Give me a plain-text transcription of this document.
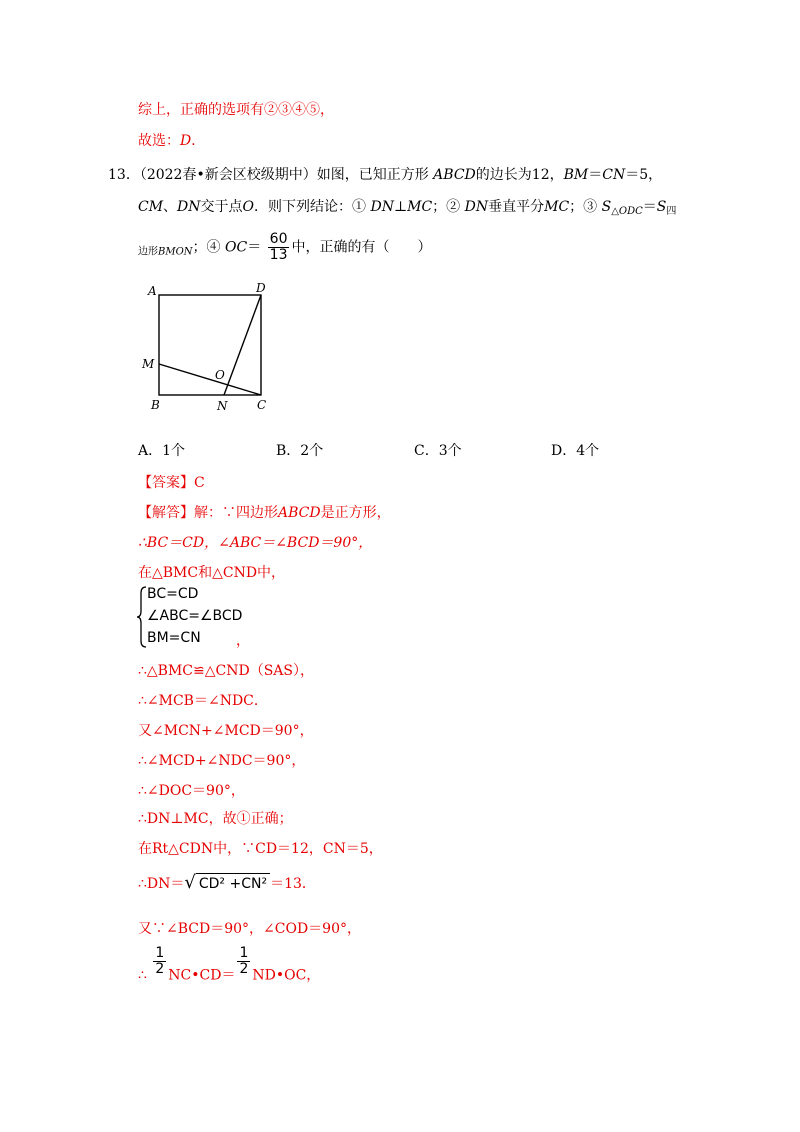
综上，正确的选项有②③④⑤，
故选：D．
13．（2022春•新会区校级期中）如图，已知正方形 ABCD的边长为12，BM＝CN＝5，
CM、DN交于点O．则下列结论：① DN⊥MC；② DN垂直平分MC；③ $S_{\triangle ODC}=S_四$
$_{边形BMON}$；④ $OC= \frac{60}{13}$ 中，正确的有（　　）
A	D
M
O
B	N C
A．1个	B．2个	C．3个	D．4个
【答案】C
【解答】解：∵四边形ABCD是正方形，
∴BC＝CD，∠ABC＝∠BCD＝90°，
在△BMC和△CND中，
BC=CD
∠ABC=∠BCD
BM=CN	，
∴△BMC≌△CND（SAS），
∴∠MCB＝∠NDC．
又∠MCN+∠MCD＝90°，
∴∠MCD+∠NDC＝90°，
∴∠DOC＝90°，
∴DN⊥MC，故①正确；
在Rt△CDN中，∵CD＝12，CN＝5，
∴DN＝√ CD² +CN² ＝13．
又∵∠BCD＝90°，∠COD＝90°，
∴ $\frac{1}{2}$ NC•CD＝ $\frac{1}{2}$ ND•OC，
